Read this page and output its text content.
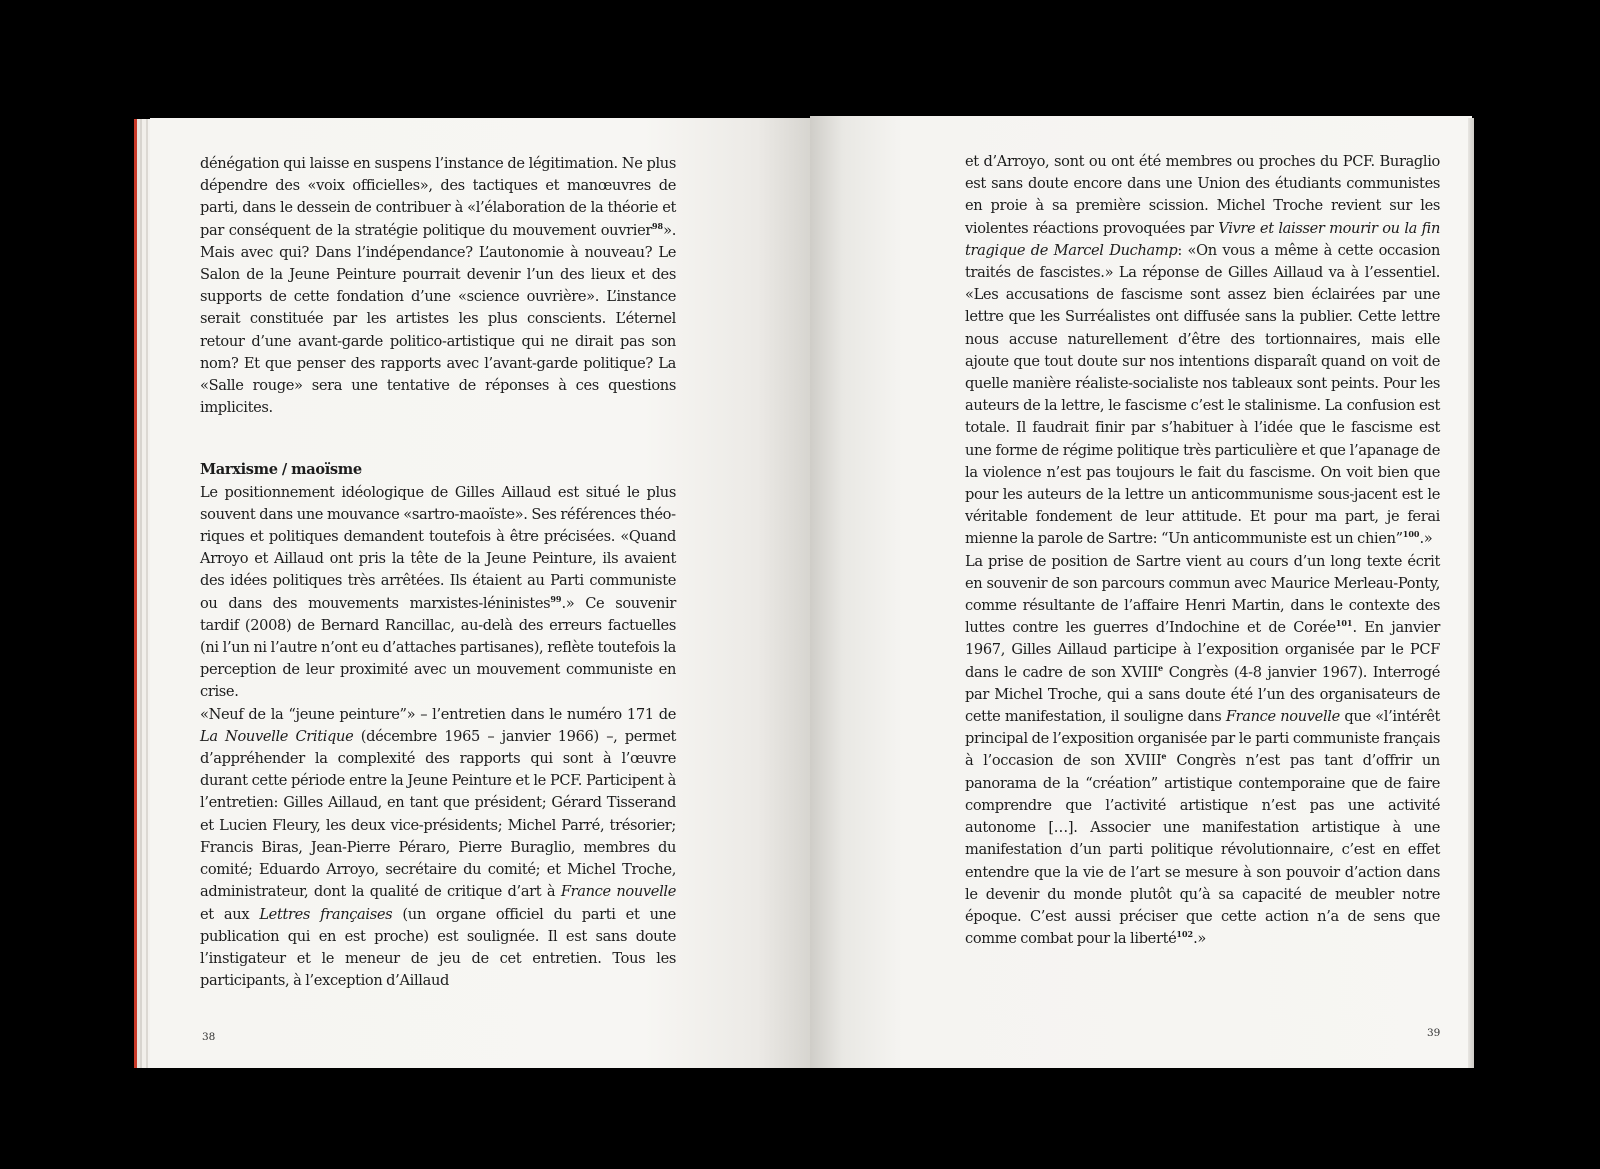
dénégation qui laisse en suspens l’instance de légitimation. Ne plus dépendre des «voix officielles», des tactiques et manœuvres de parti, dans le dessein de contribuer à «l’élaboration de la théorie et par conséquent de la stratégie politique du mouvement ouvrier$^{98}$». Mais avec qui? Dans l’indépendance? L’autonomie à nouveau? Le Salon de la Jeune Peinture pourrait devenir l’un des lieux et des supports de cette fondation d’une «science ouvrière». L’instance serait constituée par les artistes les plus conscients. L’éternel retour d’une avant-garde politico-artistique qui ne dirait pas son nom? Et que penser des rapports avec l’avant-garde politique? La «Salle rouge» sera une tentative de réponses à ces questions implicites.

Marxisme / maoïsme

Le positionnement idéologique de Gilles Aillaud est situé le plus souvent dans une mouvance «sartro-maoïste». Ses références théoriques et politiques demandent toutefois à être précisées. «Quand Arroyo et Aillaud ont pris la tête de la Jeune Peinture, ils avaient des idées politiques très arrêtées. Ils étaient au Parti communiste ou dans des mouvements marxistes-léninistes$^{99}$.» Ce souvenir tardif (2008) de Bernard Rancillac, au-delà des erreurs factuelles (ni l’un ni l’autre n’ont eu d’attaches partisanes), reflète toutefois la perception de leur proximité avec un mouvement communiste en crise.

«Neuf de la “jeune peinture”» – l’entretien dans le numéro 171 de La Nouvelle Critique (décembre 1965 – janvier 1966) –, permet d’appréhender la complexité des rapports qui sont à l’œuvre durant cette période entre la Jeune Peinture et le PCF. Participent à l’entretien: Gilles Aillaud, en tant que président; Gérard Tisserand et Lucien Fleury, les deux vice-présidents; Michel Parré, trésorier; Francis Biras, Jean-Pierre Péraro, Pierre Buraglio, membres du comité; Eduardo Arroyo, secrétaire du comité; et Michel Troche, administrateur, dont la qualité de critique d’art à France nouvelle et aux Lettres françaises (un organe officiel du parti et une publication qui en est proche) est soulignée. Il est sans doute l’instigateur et le meneur de jeu de cet entretien. Tous les participants, à l’exception d’Aillaud

et d’Arroyo, sont ou ont été membres ou proches du PCF. Buraglio est sans doute encore dans une Union des étudiants communistes en proie à sa première scission. Michel Troche revient sur les violentes réactions provoquées par Vivre et laisser mourir ou la fin tragique de Marcel Duchamp: «On vous a même à cette occasion traités de fascistes.» La réponse de Gilles Aillaud va à l’essentiel. «Les accusations de fascisme sont assez bien éclairées par une lettre que les Surréalistes ont diffusée sans la publier. Cette lettre nous accuse naturellement d’être des tortionnaires, mais elle ajoute que tout doute sur nos intentions disparaît quand on voit de quelle manière réaliste-socialiste nos tableaux sont peints. Pour les auteurs de la lettre, le fascisme c’est le stalinisme. La confusion est totale. Il faudrait finir par s’habituer à l’idée que le fascisme est une forme de régime politique très particulière et que l’apanage de la violence n’est pas toujours le fait du fascisme. On voit bien que pour les auteurs de la lettre un anticommunisme sous-jacent est le véritable fondement de leur attitude. Et pour ma part, je ferai mienne la parole de Sartre: “Un anticommuniste est un chien”$^{100}$.»

La prise de position de Sartre vient au cours d’un long texte écrit en souvenir de son parcours commun avec Maurice Merleau-Ponty, comme résultante de l’affaire Henri Martin, dans le contexte des luttes contre les guerres d’Indochine et de Corée$^{101}$. En janvier 1967, Gilles Aillaud participe à l’exposition organisée par le PCF dans le cadre de son XVIIIe Congrès (4-8 janvier 1967). Interrogé par Michel Troche, qui a sans doute été l’un des organisateurs de cette manifestation, il souligne dans France nouvelle que «l’intérêt principal de l’exposition organisée par le parti communiste français à l’occasion de son XVIIIe Congrès n’est pas tant d’offrir un panorama de la “création” artistique contemporaine que de faire comprendre que l’activité artistique n’est pas une activité autonome […]. Associer une manifestation artistique à une manifestation d’un parti politique révolutionnaire, c’est en effet entendre que la vie de l’art se mesure à son pouvoir d’action dans le devenir du monde plutôt qu’à sa capacité de meubler notre époque. C’est aussi préciser que cette action n’a de sens que comme combat pour la liberté$^{102}$.»

38	39
